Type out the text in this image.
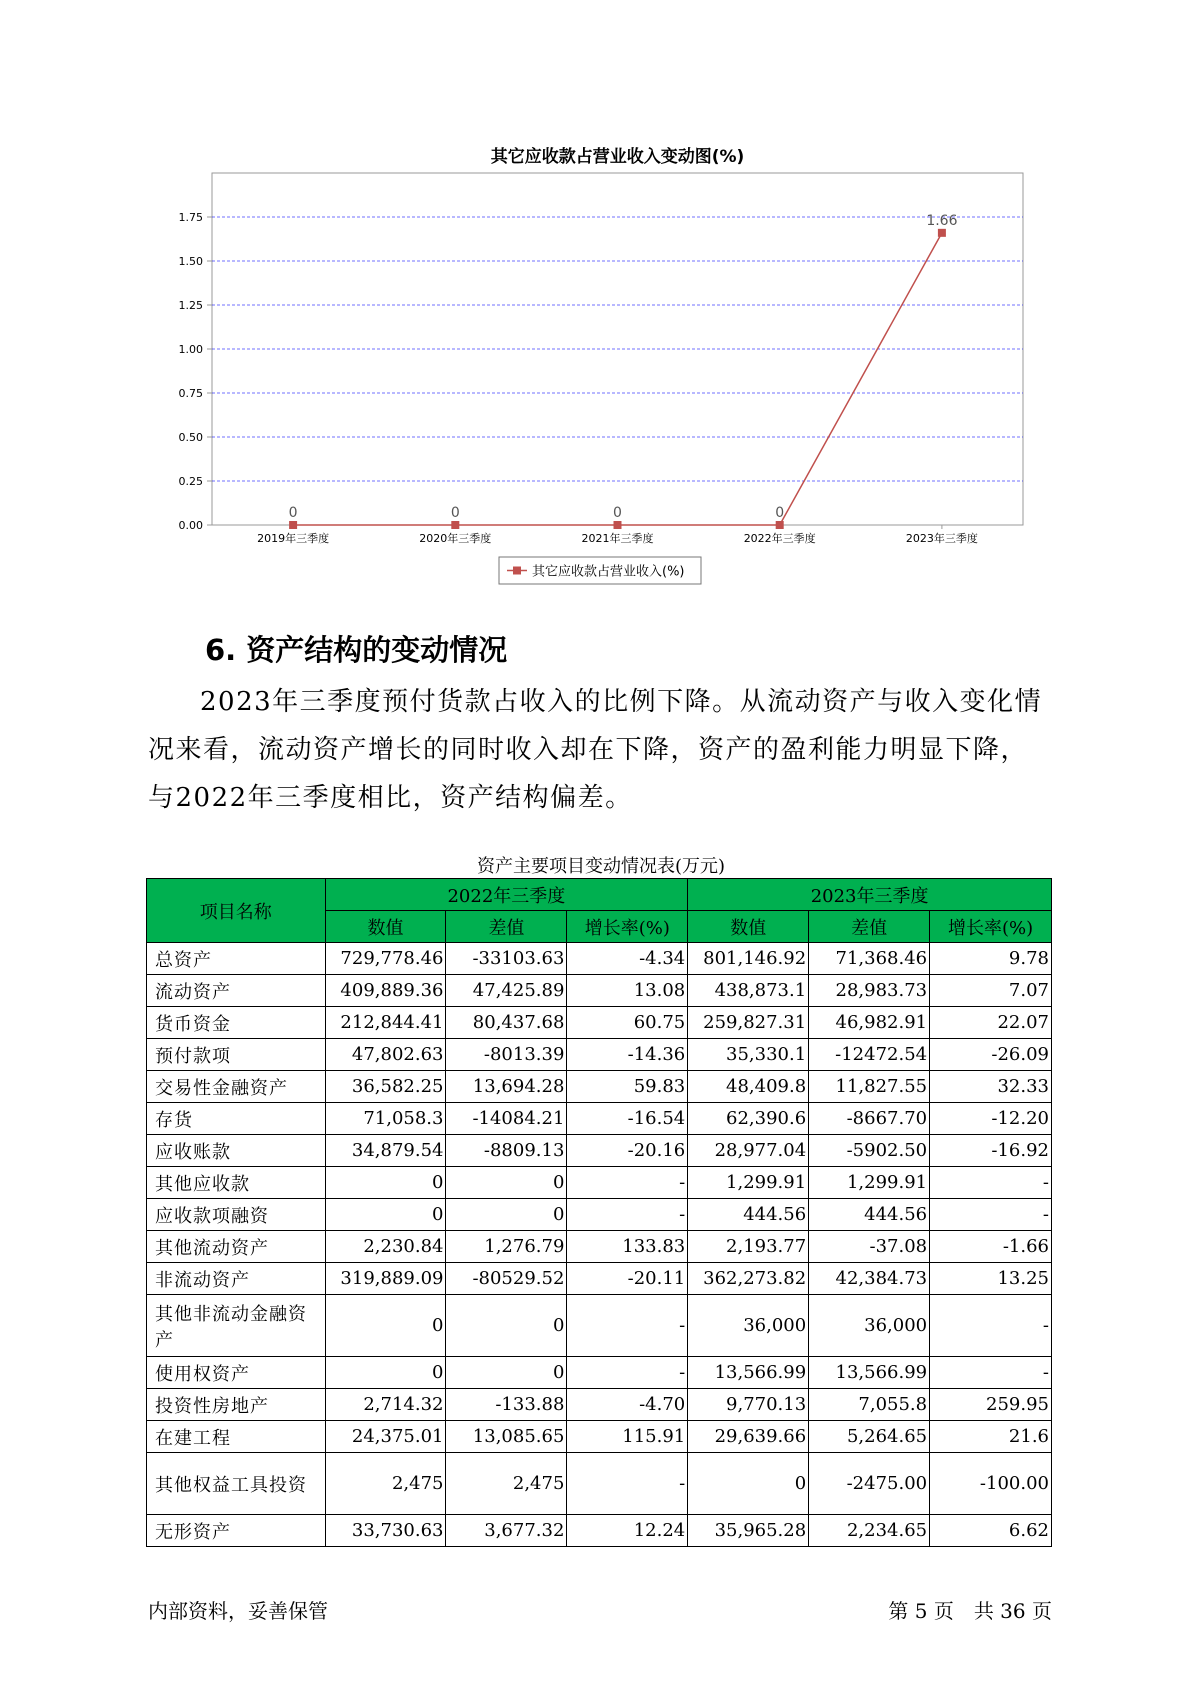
其它应收款占营业收入变动图(%)
0.00
0.25
0.50
0.75
1.00
1.25
1.50
1.75
2019年三季度	2020年三季度	2021年三季度	2022年三季度	2023年三季度
0	0	0	0
1.66
其它应收款占营业收入(%)
6. 资产结构的变动情况

2023年三季度预付货款占收入的比例下降。从流动资产与收入变化情况来看，流动资产增长的同时收入却在下降，资产的盈利能力明显下降，与2022年三季度相比，资产结构偏差。

资产主要项目变动情况表(万元)
项目名称	2022年三季度			2023年三季度		
	数值	差值	增长率(%)	数值	差值	增长率(%)
总资产	729,778.46	-33103.63	-4.34	801,146.92	71,368.46	9.78
流动资产	409,889.36	47,425.89	13.08	438,873.1	28,983.73	7.07
货币资金	212,844.41	80,437.68	60.75	259,827.31	46,982.91	22.07
预付款项	47,802.63	-8013.39	-14.36	35,330.1	-12472.54	-26.09
交易性金融资产	36,582.25	13,694.28	59.83	48,409.8	11,827.55	32.33
存货	71,058.3	-14084.21	-16.54	62,390.6	-8667.70	-12.20
应收账款	34,879.54	-8809.13	-20.16	28,977.04	-5902.50	-16.92
其他应收款	0	0	-	1,299.91	1,299.91	-
应收款项融资	0	0	-	444.56	444.56	-
其他流动资产	2,230.84	1,276.79	133.83	2,193.77	-37.08	-1.66
非流动资产	319,889.09	-80529.52	-20.11	362,273.82	42,384.73	13.25
其他非流动金融资产	0	0	-	36,000	36,000	-
使用权资产	0	0	-	13,566.99	13,566.99	-
投资性房地产	2,714.32	-133.88	-4.70	9,770.13	7,055.8	259.95
在建工程	24,375.01	13,085.65	115.91	29,639.66	5,264.65	21.6
其他权益工具投资	2,475	2,475	-	0	-2475.00	-100.00
无形资产	33,730.63	3,677.32	12.24	35,965.28	2,234.65	6.62
内部资料，妥善保管	第 5 页　共 36 页
